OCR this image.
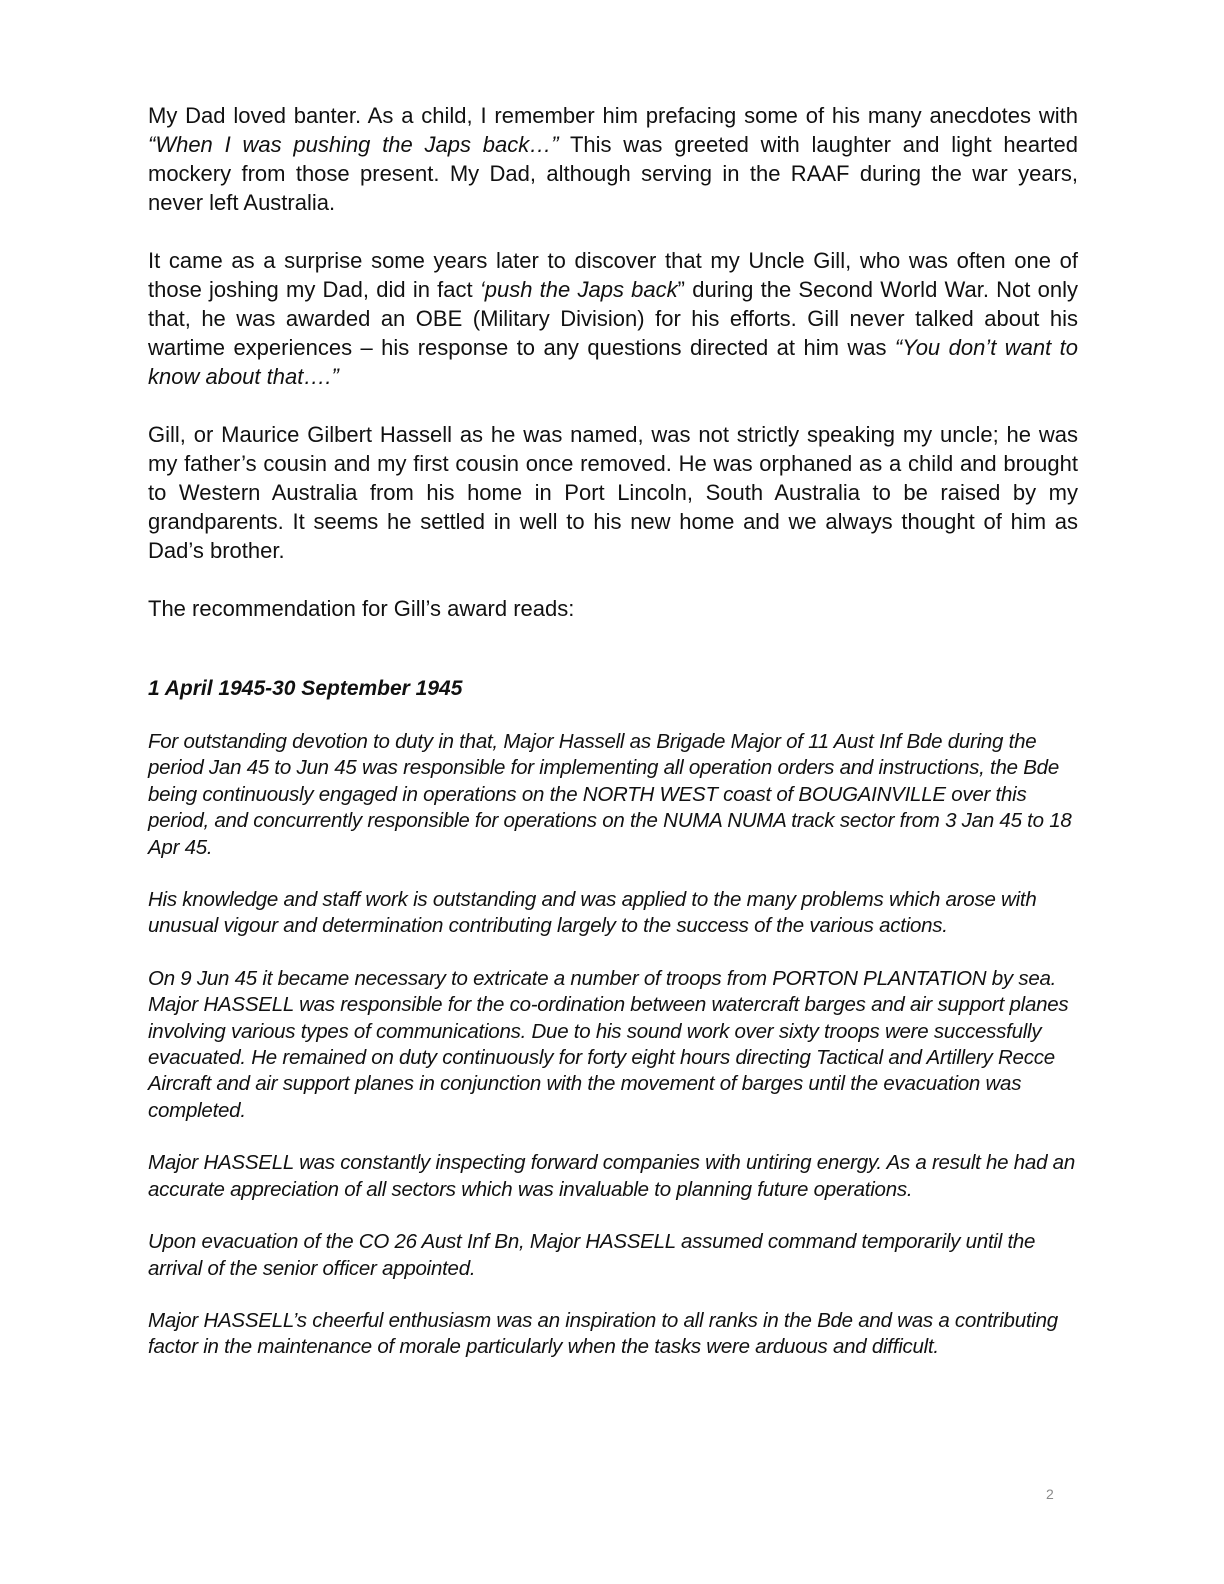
My Dad loved banter. As a child, I remember him prefacing some of his many anecdotes with “When I was pushing the Japs back…” This was greeted with laughter and light hearted mockery from those present. My Dad, although serving in the RAAF during the war years, never left Australia.

It came as a surprise some years later to discover that my Uncle Gill, who was often one of those joshing my Dad, did in fact ‘push the Japs back” during the Second World War. Not only that, he was awarded an OBE (Military Division) for his efforts. Gill never talked about his wartime experiences – his response to any questions directed at him was “You don’t want to know about that….”

Gill, or Maurice Gilbert Hassell as he was named, was not strictly speaking my uncle; he was my father’s cousin and my first cousin once removed. He was orphaned as a child and brought to Western Australia from his home in Port Lincoln, South Australia to be raised by my grandparents. It seems he settled in well to his new home and we always thought of him as Dad’s brother.

The recommendation for Gill’s award reads:

1 April 1945-30 September 1945

For outstanding devotion to duty in that, Major Hassell as Brigade Major of 11 Aust Inf Bde during the period Jan 45 to Jun 45 was responsible for implementing all operation orders and instructions, the Bde being continuously engaged in operations on the NORTH WEST coast of BOUGAINVILLE over this period, and concurrently responsible for operations on the NUMA NUMA track sector from 3 Jan 45 to 18 Apr 45.

His knowledge and staff work is outstanding and was applied to the many problems which arose with unusual vigour and determination contributing largely to the success of the various actions.

On 9 Jun 45 it became necessary to extricate a number of troops from PORTON PLANTATION by sea. Major HASSELL was responsible for the co-ordination between watercraft barges and air support planes involving various types of communications. Due to his sound work over sixty troops were successfully evacuated. He remained on duty continuously for forty eight hours directing Tactical and Artillery Recce Aircraft and air support planes in conjunction with the movement of barges until the evacuation was completed.

Major HASSELL was constantly inspecting forward companies with untiring energy. As a result he had an accurate appreciation of all sectors which was invaluable to planning future operations.

Upon evacuation of the CO 26 Aust Inf Bn, Major HASSELL assumed command temporarily until the arrival of the senior officer appointed.

Major HASSELL’s cheerful enthusiasm was an inspiration to all ranks in the Bde and was a contributing factor in the maintenance of morale particularly when the tasks were arduous and difficult.

2
